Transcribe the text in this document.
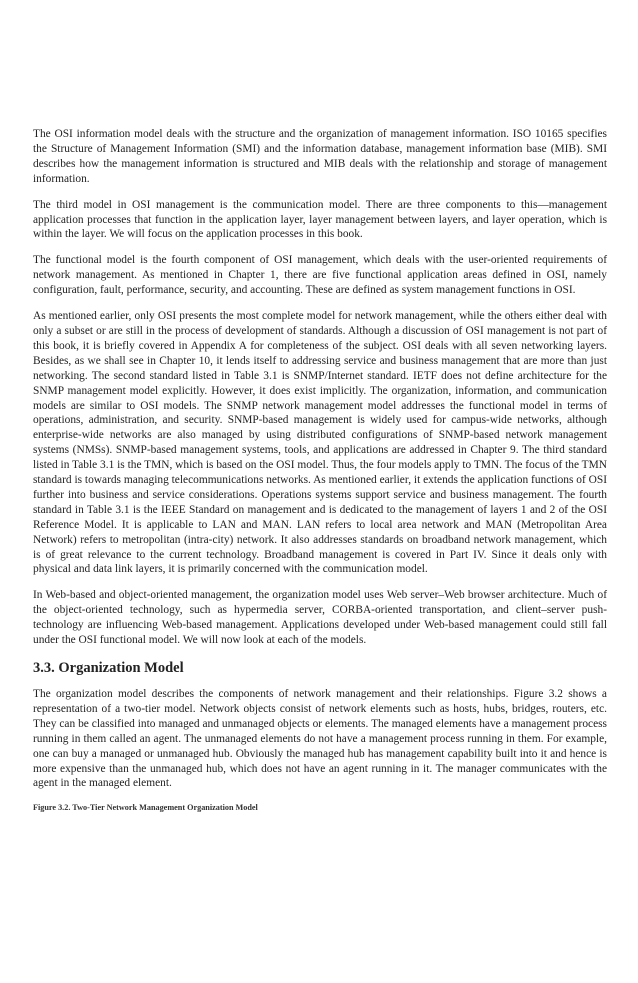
The OSI information model deals with the structure and the organization of management information. ISO 10165 specifies the Structure of Management Information (SMI) and the information database, management information base (MIB). SMI describes how the management information is structured and MIB deals with the relationship and storage of management information.

The third model in OSI management is the communication model. There are three components to this—management application processes that function in the application layer, layer management between layers, and layer operation, which is within the layer. We will focus on the application processes in this book.

The functional model is the fourth component of OSI management, which deals with the user-oriented requirements of network management. As mentioned in Chapter 1, there are five functional application areas defined in OSI, namely configuration, fault, performance, security, and accounting. These are defined as system management functions in OSI.

As mentioned earlier, only OSI presents the most complete model for network management, while the others either deal with only a subset or are still in the process of development of standards. Although a discussion of OSI management is not part of this book, it is briefly covered in Appendix A for completeness of the subject. OSI deals with all seven networking layers. Besides, as we shall see in Chapter 10, it lends itself to addressing service and business management that are more than just networking. The second standard listed in Table 3.1 is SNMP/Internet standard. IETF does not define architecture for the SNMP management model explicitly. However, it does exist implicitly. The organization, information, and communication models are similar to OSI models. The SNMP network management model addresses the functional model in terms of operations, administration, and security. SNMP-based management is widely used for campus-wide networks, although enterprise-wide networks are also managed by using distributed configurations of SNMP-based network management systems (NMSs). SNMP-based management systems, tools, and applications are addressed in Chapter 9. The third standard listed in Table 3.1 is the TMN, which is based on the OSI model. Thus, the four models apply to TMN. The focus of the TMN standard is towards managing telecommunications networks. As mentioned earlier, it extends the application functions of OSI further into business and service considerations. Operations systems support service and business management. The fourth standard in Table 3.1 is the IEEE Standard on management and is dedicated to the management of layers 1 and 2 of the OSI Reference Model. It is applicable to LAN and MAN. LAN refers to local area network and MAN (Metropolitan Area Network) refers to metropolitan (intra-city) network. It also addresses standards on broadband network management, which is of great relevance to the current technology. Broadband management is covered in Part IV. Since it deals only with physical and data link layers, it is primarily concerned with the communication model.

In Web-based and object-oriented management, the organization model uses Web server–Web browser architecture. Much of the object-oriented technology, such as hypermedia server, CORBA-oriented transportation, and client–server push-technology are influencing Web-based management. Applications developed under Web-based management could still fall under the OSI functional model. We will now look at each of the models.

3.3. Organization Model

The organization model describes the components of network management and their relationships. Figure 3.2 shows a representation of a two-tier model. Network objects consist of network elements such as hosts, hubs, bridges, routers, etc. They can be classified into managed and unmanaged objects or elements. The managed elements have a management process running in them called an agent. The unmanaged elements do not have a management process running in them. For example, one can buy a managed or unmanaged hub. Obviously the managed hub has management capability built into it and hence is more expensive than the unmanaged hub, which does not have an agent running in it. The manager communicates with the agent in the managed element.

Figure 3.2. Two-Tier Network Management Organization Model
